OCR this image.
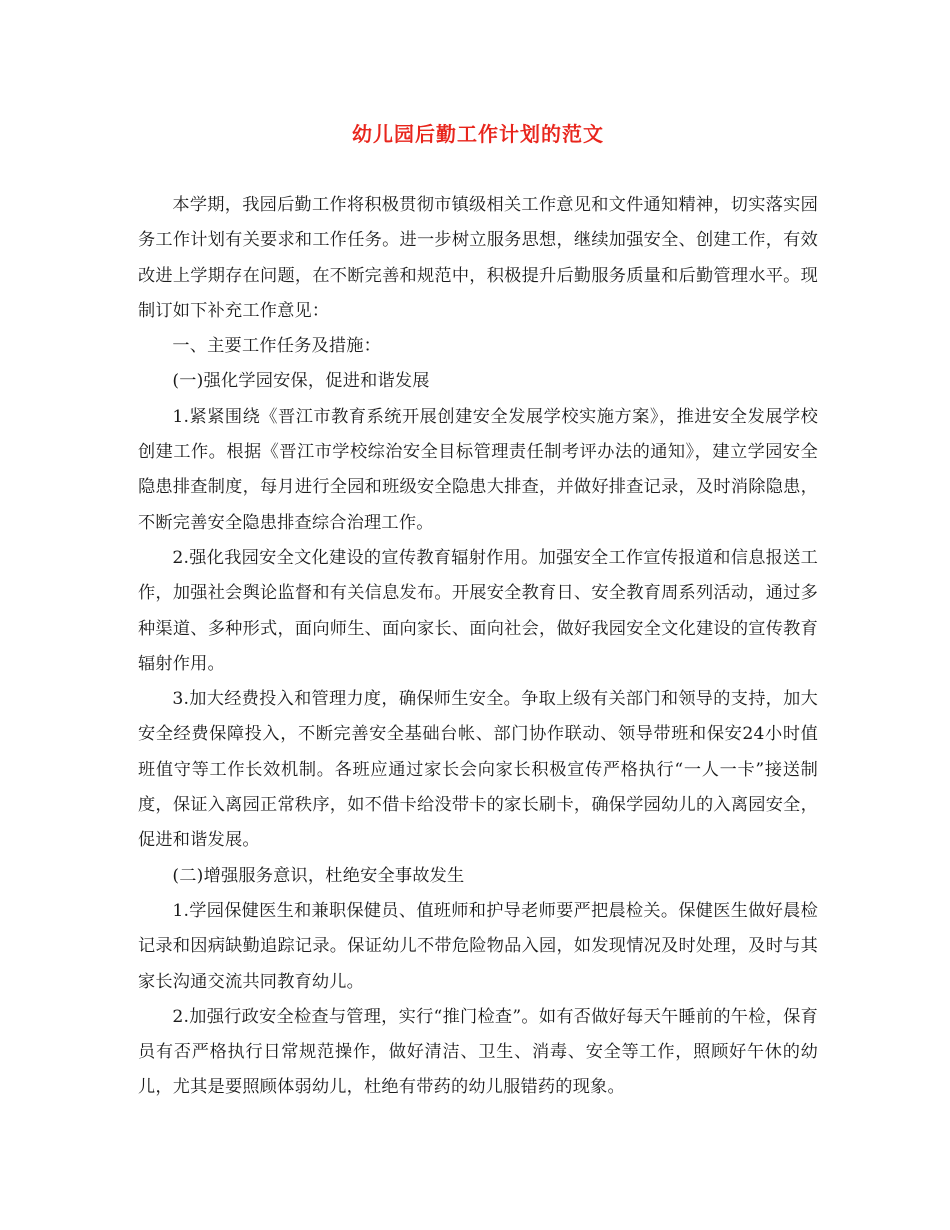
幼儿园后勤工作计划的范文

本学期，我园后勤工作将积极贯彻市镇级相关工作意见和文件通知精神，切实落实园务工作计划有关要求和工作任务。进一步树立服务思想，继续加强安全、创建工作，有效改进上学期存在问题，在不断完善和规范中，积极提升后勤服务质量和后勤管理水平。现制订如下补充工作意见：

一、主要工作任务及措施：

(一)强化学园安保，促进和谐发展

1.紧紧围绕《晋江市教育系统开展创建安全发展学校实施方案》，推进安全发展学校创建工作。根据《晋江市学校综治安全目标管理责任制考评办法的通知》，建立学园安全隐患排查制度，每月进行全园和班级安全隐患大排查，并做好排查记录，及时消除隐患，不断完善安全隐患排查综合治理工作。

2.强化我园安全文化建设的宣传教育辐射作用。加强安全工作宣传报道和信息报送工作，加强社会舆论监督和有关信息发布。开展安全教育日、安全教育周系列活动，通过多种渠道、多种形式，面向师生、面向家长、面向社会，做好我园安全文化建设的宣传教育辐射作用。

3.加大经费投入和管理力度，确保师生安全。争取上级有关部门和领导的支持，加大安全经费保障投入，不断完善安全基础台帐、部门协作联动、领导带班和保安24小时值班值守等工作长效机制。各班应通过家长会向家长积极宣传严格执行“一人一卡”接送制度，保证入离园正常秩序，如不借卡给没带卡的家长刷卡，确保学园幼儿的入离园安全，促进和谐发展。

(二)增强服务意识，杜绝安全事故发生

1.学园保健医生和兼职保健员、值班师和护导老师要严把晨检关。保健医生做好晨检记录和因病缺勤追踪记录。保证幼儿不带危险物品入园，如发现情况及时处理，及时与其家长沟通交流共同教育幼儿。

2.加强行政安全检查与管理，实行“推门检查”。如有否做好每天午睡前的午检，保育员有否严格执行日常规范操作，做好清洁、卫生、消毒、安全等工作，照顾好午休的幼儿，尤其是要照顾体弱幼儿，杜绝有带药的幼儿服错药的现象。
